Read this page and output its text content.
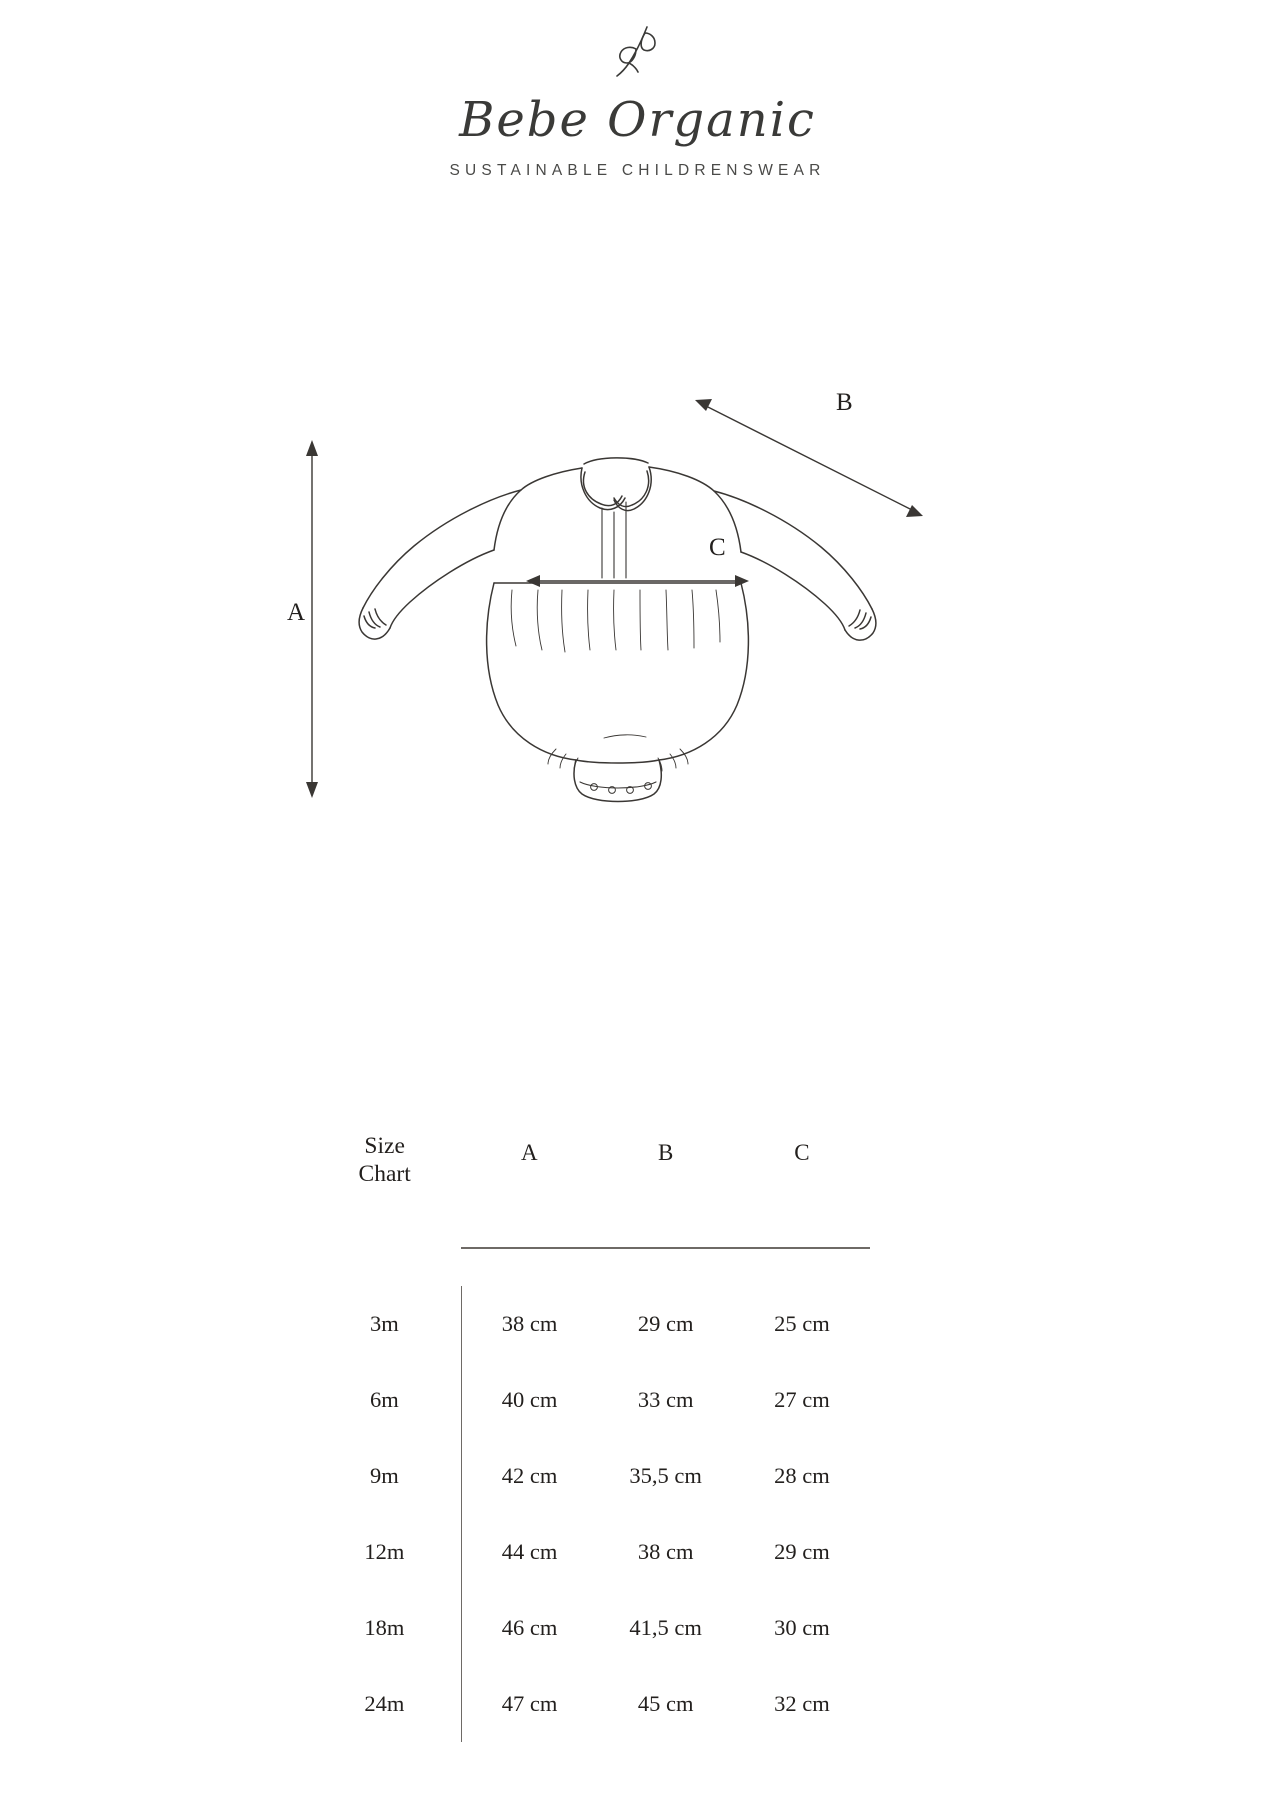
Bebe Organic
SUSTAINABLE CHILDRENSWEAR
A
B
C
Size
Chart	A	B	C

3m	38 cm	29 cm	25 cm
6m	40 cm	33 cm	27 cm
9m	42 cm	35,5 cm	28 cm
12m	44 cm	38 cm	29 cm
18m	46 cm	41,5 cm	30 cm
24m	47 cm	45 cm	32 cm
